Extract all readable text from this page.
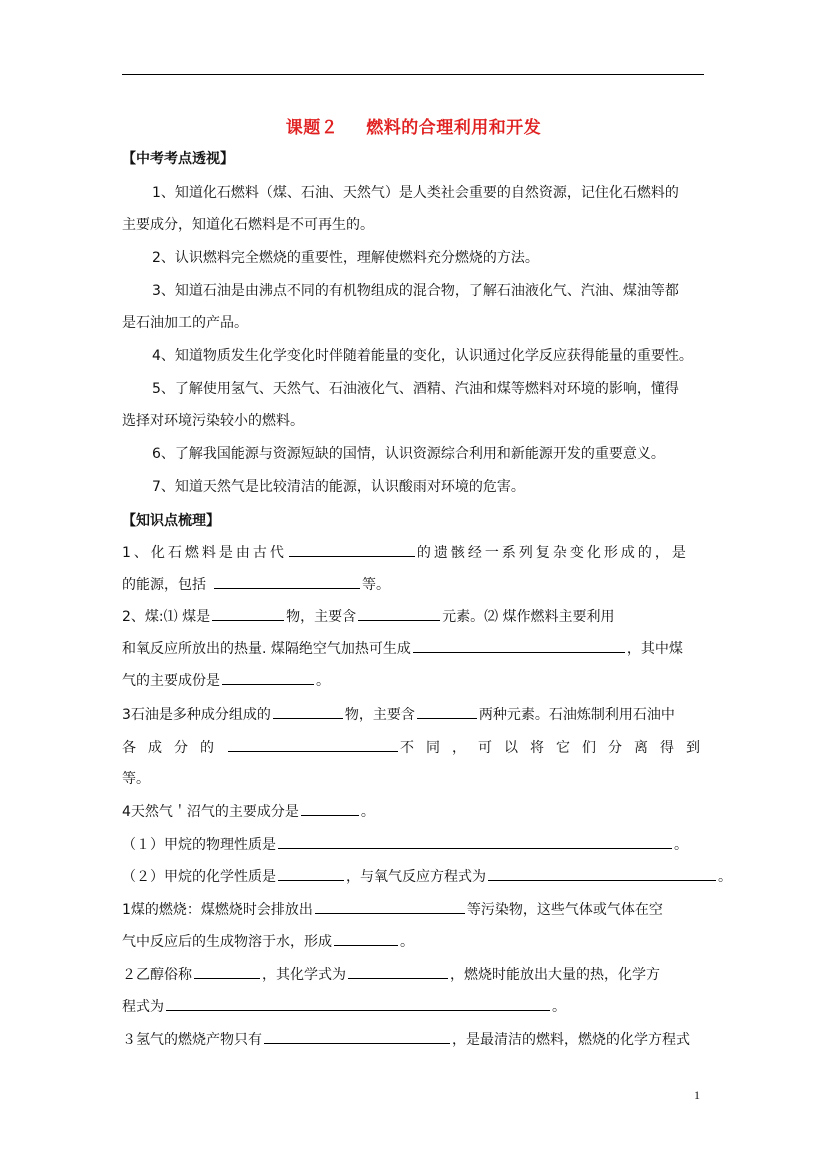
课题２ 燃料的合理利用和开发
【中考考点透视】
1、知道化石燃料（煤、石油、天然气）是人类社会重要的自然资源，记住化石燃料的
主要成分，知道化石燃料是不可再生的。
2、认识燃料完全燃烧的重要性，理解使燃料充分燃烧的方法。
3、知道石油是由沸点不同的有机物组成的混合物，了解石油液化气、汽油、煤油等都
是石油加工的产品。
4、知道物质发生化学变化时伴随着能量的变化，认识通过化学反应获得能量的重要性。
5、了解使用氢气、天然气、石油液化气、酒精、汽油和煤等燃料对环境的影响，懂得
选择对环境污染较小的燃料。
6、了解我国能源与资源短缺的国情，认识资源综合利用和新能源开发的重要意义。
7、知道天然气是比较清洁的能源，认识酸雨对环境的危害。
【知识点梳理】
1、化石燃料是由古代	的遗骸经一系列复杂变化形成的，是
的能源，包括	等。
2、煤:⑴ 煤是	物，主要含	元素。⑵ 煤作燃料主要利用
和氧反应所放出的热量. 煤隔绝空气加热可生成	，其中煤
气的主要成份是	。
3石油是多种成分组成的	物，主要含	两种元素。石油炼制利用石油中
各成分的	不同，可以将它们分离得到
等。
4天然气＇沼气的主要成分是	。
（１）甲烷的物理性质是	。
（２）甲烷的化学性质是	，与氧气反应方程式为	。
1煤的燃烧：煤燃烧时会排放出	等污染物，这些气体或气体在空
气中反应后的生成物溶于水，形成	。
２乙醇俗称	，其化学式为	，燃烧时能放出大量的热，化学方
程式为	。
３氢气的燃烧产物只有	，是最清洁的燃料，燃烧的化学方程式
1
